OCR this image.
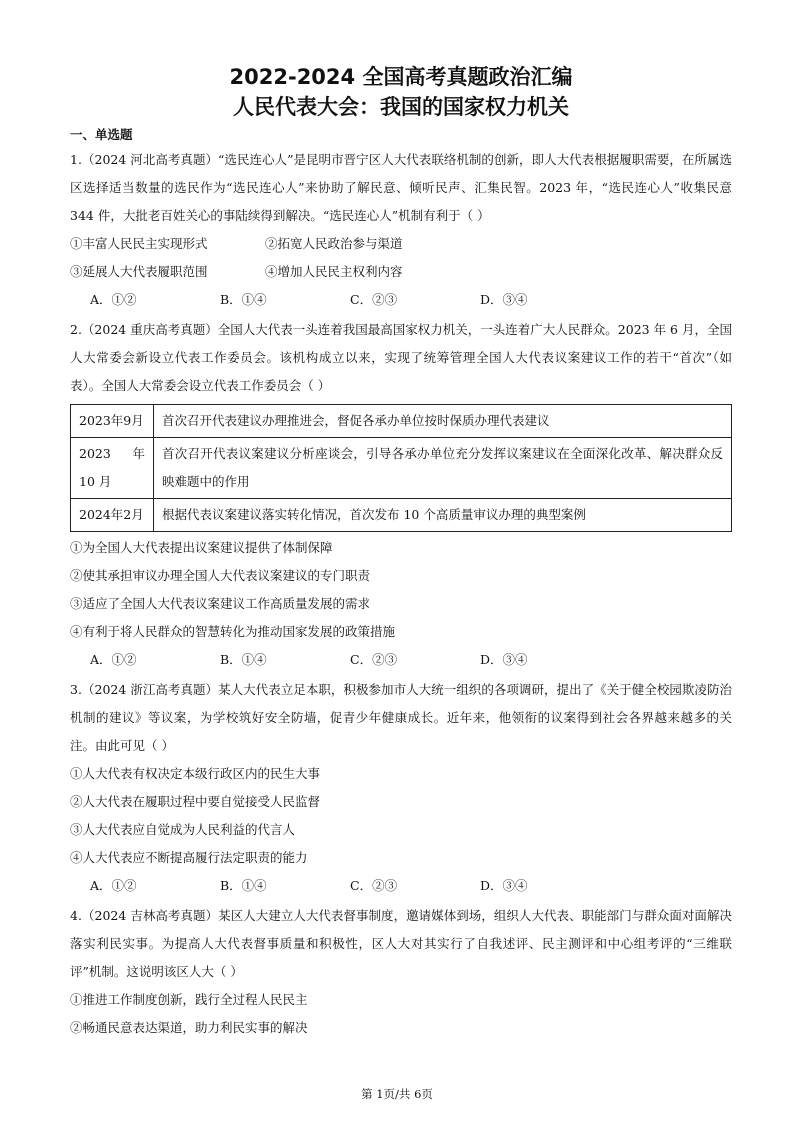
2022-2024 全国高考真题政治汇编
人民代表大会：我国的国家权力机关
一、单选题
1.（2024 河北高考真题）“选民连心人”是昆明市晋宁区人大代表联络机制的创新，即人大代表根据履职需要，在所属选区选择适当数量的选民作为“选民连心人”来协助了解民意、倾听民声、汇集民智。2023 年，“选民连心人”收集民意 344 件，大批老百姓关心的事陆续得到解决。“选民连心人”机制有利于（ ）
①丰富人民民主实现形式	②拓宽人民政治参与渠道
③延展人大代表履职范围	④增加人民民主权利内容
A．①②	B．①④	C．②③	D．③④
2.（2024 重庆高考真题）全国人大代表一头连着我国最高国家权力机关，一头连着广大人民群众。2023 年 6 月，全国人大常委会新设立代表工作委员会。该机构成立以来，实现了统筹管理全国人大代表议案建议工作的若干“首次”（如表）。全国人大常委会设立代表工作委员会（ ）
2023年9月	首次召开代表建议办理推进会，督促各承办单位按时保质办理代表建议
2023 年 10 月	首次召开代表议案建议分析座谈会，引导各承办单位充分发挥议案建议在全面深化改革、解决群众反映难题中的作用
2024年2月	根据代表议案建议落实转化情况，首次发布 10 个高质量审议办理的典型案例
①为全国人大代表提出议案建议提供了体制保障
②使其承担审议办理全国人大代表议案建议的专门职责
③适应了全国人大代表议案建议工作高质量发展的需求
④有利于将人民群众的智慧转化为推动国家发展的政策措施
A．①②	B．①④	C．②③	D．③④
3.（2024 浙江高考真题）某人大代表立足本职，积极参加市人大统一组织的各项调研，提出了《关于健全校园欺凌防治机制的建议》等议案，为学校筑好安全防墙，促青少年健康成长。近年来，他领衔的议案得到社会各界越来越多的关注。由此可见（ ）
①人大代表有权决定本级行政区内的民生大事
②人大代表在履职过程中要自觉接受人民监督
③人大代表应自觉成为人民利益的代言人
④人大代表应不断提高履行法定职责的能力
A．①②	B．①④	C．②③	D．③④
4.（2024 吉林高考真题）某区人大建立人大代表督事制度，邀请媒体到场，组织人大代表、职能部门与群众面对面解决落实利民实事。为提高人大代表督事质量和积极性，区人大对其实行了自我述评、民主测评和中心组考评的“三维联评”机制。这说明该区人大（ ）
①推进工作制度创新，践行全过程人民民主
②畅通民意表达渠道，助力利民实事的解决
第 1页/共 6页
